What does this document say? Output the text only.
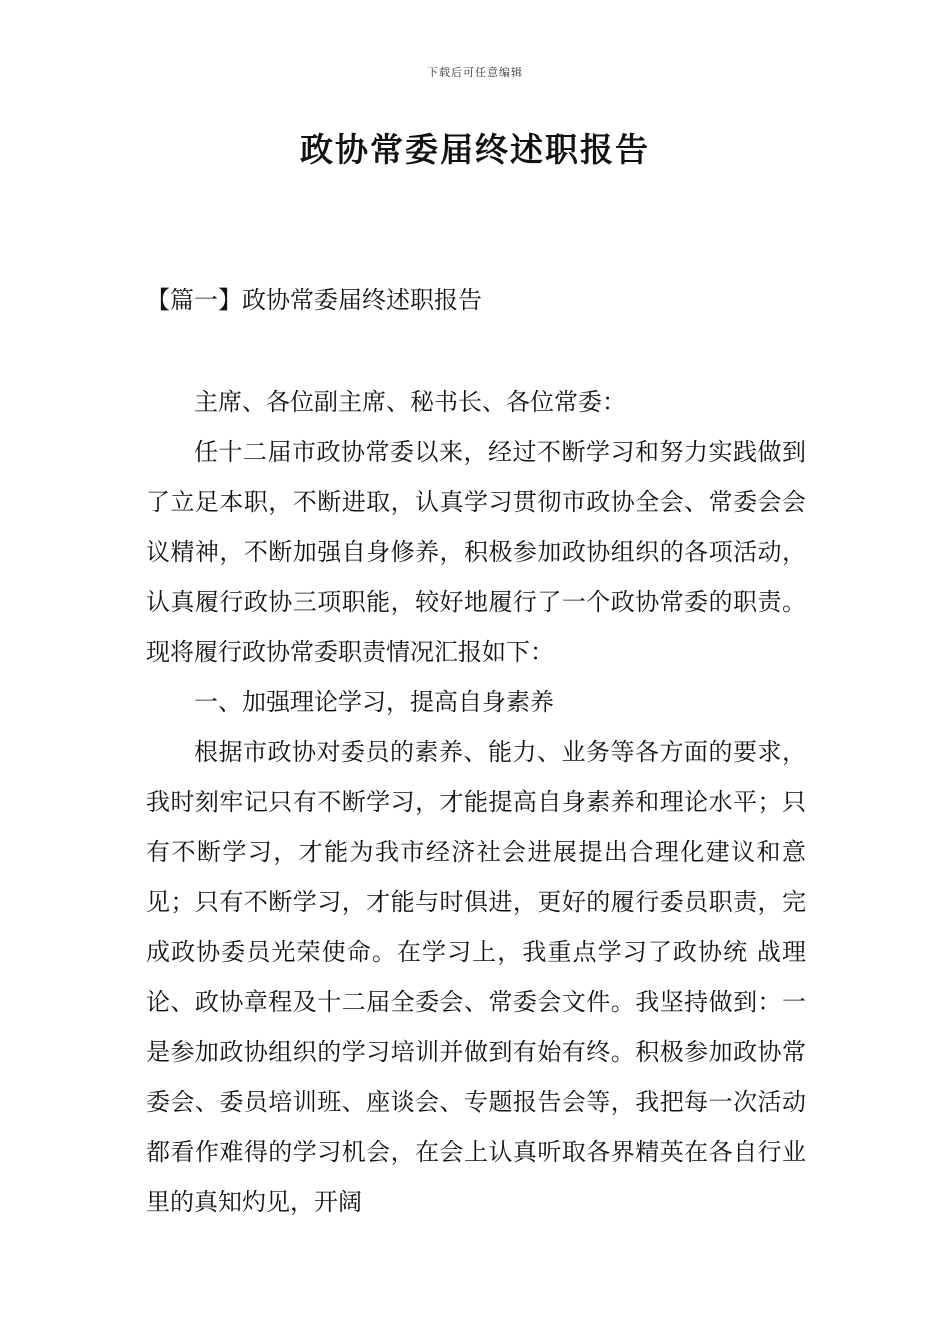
下载后可任意编辑
政协常委届终述职报告
【篇一】政协常委届终述职报告

主席、各位副主席、秘书长、各位常委：

任十二届市政协常委以来，经过不断学习和努力实践做到了立足本职，不断进取，认真学习贯彻市政协全会、常委会会议精神，不断加强自身修养，积极参加政协组织的各项活动，认真履行政协三项职能，较好地履行了一个政协常委的职责。现将履行政协常委职责情况汇报如下：

一、加强理论学习，提高自身素养

根据市政协对委员的素养、能力、业务等各方面的要求，我时刻牢记只有不断学习，才能提高自身素养和理论水平；只有不断学习，才能为我市经济社会进展提出合理化建议和意见；只有不断学习，才能与时俱进，更好的履行委员职责，完成政协委员光荣使命。在学习上，我重点学习了政协统 战理论、政协章程及十二届全委会、常委会文件。我坚持做到：一是参加政协组织的学习培训并做到有始有终。积极参加政协常委会、委员培训班、座谈会、专题报告会等，我把每一次活动都看作难得的学习机会，在会上认真听取各界精英在各自行业里的真知灼见，开阔
